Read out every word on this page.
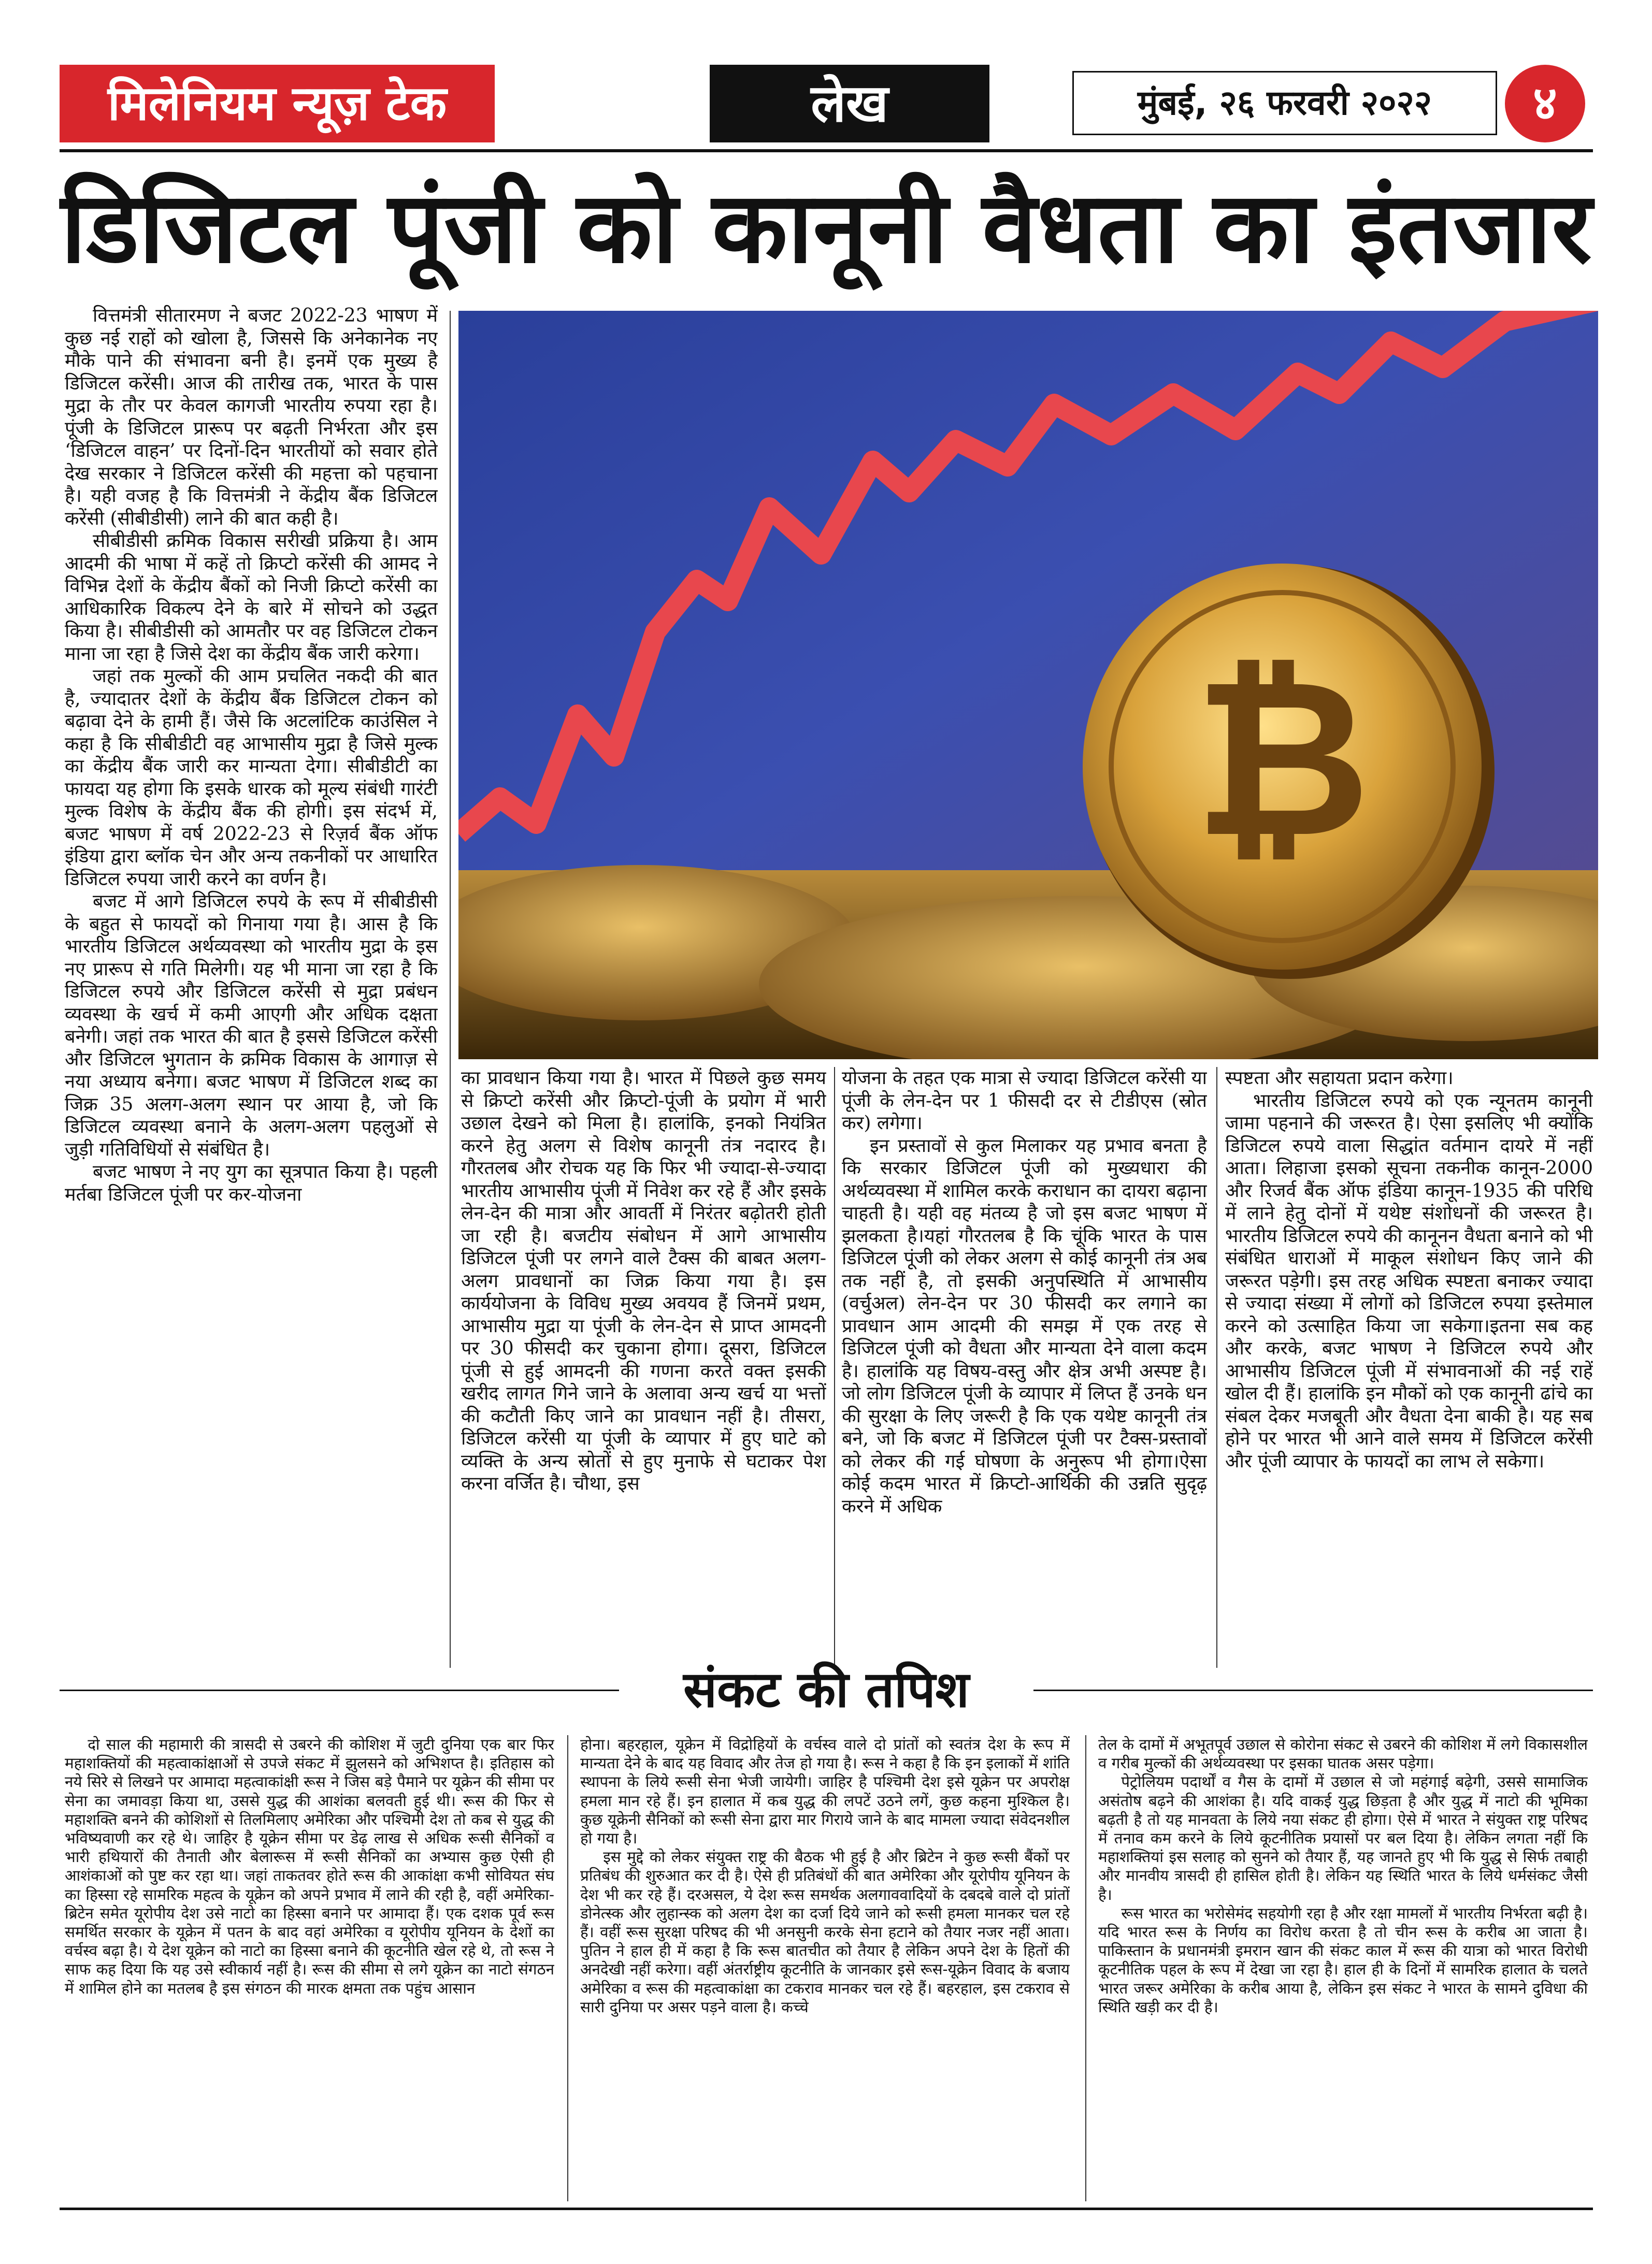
मिलेनियम न्यूज़ टेक	लेख	मुंबई, २६ फरवरी २०२२	४
डिजिटल पूंजी को कानूनी वैधता का इंतजार
₿

वित्तमंत्री सीतारमण ने बजट 2022-23 भाषण में कुछ नई राहों को खोला है, जिससे कि अनेकानेक नए मौके पाने की संभावना बनी है। इनमें एक मुख्य है डिजिटल करेंसी। आज की तारीख तक, भारत के पास मुद्रा के तौर पर केवल कागजी भारतीय रुपया रहा है। पूंजी के डिजिटल प्रारूप पर बढ़ती निर्भरता और इस ‘डिजिटल वाहन’ पर दिनों-दिन भारतीयों को सवार होते देख सरकार ने डिजिटल करेंसी की महत्ता को पहचाना है। यही वजह है कि वित्तमंत्री ने केंद्रीय बैंक डिजिटल करेंसी (सीबीडीसी) लाने की बात कही है।

सीबीडीसी क्रमिक विकास सरीखी प्रक्रिया है। आम आदमी की भाषा में कहें तो क्रिप्टो करेंसी की आमद ने विभिन्न देशों के केंद्रीय बैंकों को निजी क्रिप्टो करेंसी का आधिकारिक विकल्प देने के बारे में सोचने को उद्धत किया है। सीबीडीसी को आमतौर पर वह डिजिटल टोकन माना जा रहा है जिसे देश का केंद्रीय बैंक जारी करेगा।

जहां तक मुल्कों की आम प्रचलित नकदी की बात है, ज्यादातर देशों के केंद्रीय बैंक डिजिटल टोकन को बढ़ावा देने के हामी हैं। जैसे कि अटलांटिक काउंसिल ने कहा है कि सीबीडीटी वह आभासीय मुद्रा है जिसे मुल्क का केंद्रीय बैंक जारी कर मान्यता देगा। सीबीडीटी का फायदा यह होगा कि इसके धारक को मूल्य संबंधी गारंटी मुल्क विशेष के केंद्रीय बैंक की होगी। इस संदर्भ में, बजट भाषण में वर्ष 2022-23 से रिज़र्व बैंक ऑफ इंडिया द्वारा ब्लॉक चेन और अन्य तकनीकों पर आधारित डिजिटल रुपया जारी करने का वर्णन है।

बजट में आगे डिजिटल रुपये के रूप में सीबीडीसी के बहुत से फायदों को गिनाया गया है। आस है कि भारतीय डिजिटल अर्थव्यवस्था को भारतीय मुद्रा के इस नए प्रारूप से गति मिलेगी। यह भी माना जा रहा है कि डिजिटल रुपये और डिजिटल करेंसी से मुद्रा प्रबंधन व्यवस्था के खर्च में कमी आएगी और अधिक दक्षता बनेगी। जहां तक भारत की बात है इससे डिजिटल करेंसी और डिजिटल भुगतान के क्रमिक विकास के आगाज़ से नया अध्याय बनेगा। बजट भाषण में डिजिटल शब्द का जिक्र 35 अलग-अलग स्थान पर आया है, जो कि डिजिटल व्यवस्था बनाने के अलग-अलग पहलुओं से जुड़ी गतिविधियों से संबंधित है।

बजट भाषण ने नए युग का सूत्रपात किया है। पहली मर्तबा डिजिटल पूंजी पर कर-योजना

का प्रावधान किया गया है। भारत में पिछले कुछ समय से क्रिप्टो करेंसी और क्रिप्टो-पूंजी के प्रयोग में भारी उछाल देखने को मिला है। हालांकि, इनको नियंत्रित करने हेतु अलग से विशेष कानूनी तंत्र नदारद है। गौरतलब और रोचक यह कि फिर भी ज्यादा-से-ज्यादा भारतीय आभासीय पूंजी में निवेश कर रहे हैं और इसके लेन-देन की मात्रा और आवर्ती में निरंतर बढ़ोतरी होती जा रही है। बजटीय संबोधन में आगे आभासीय डिजिटल पूंजी पर लगने वाले टैक्स की बाबत अलग-अलग प्रावधानों का जिक्र किया गया है। इस कार्ययोजना के विविध मुख्य अवयव हैं जिनमें प्रथम, आभासीय मुद्रा या पूंजी के लेन-देन से प्राप्त आमदनी पर 30 फीसदी कर चुकाना होगा। दूसरा, डिजिटल पूंजी से हुई आमदनी की गणना करते वक्त इसकी खरीद लागत गिने जाने के अलावा अन्य खर्च या भत्तों की कटौती किए जाने का प्रावधान नहीं है। तीसरा, डिजिटल करेंसी या पूंजी के व्यापार में हुए घाटे को व्यक्ति के अन्य स्रोतों से हुए मुनाफे से घटाकर पेश करना वर्जित है। चौथा, इस

योजना के तहत एक मात्रा से ज्यादा डिजिटल करेंसी या पूंजी के लेन-देन पर 1 फीसदी दर से टीडीएस (स्रोत कर) लगेगा।

इन प्रस्तावों से कुल मिलाकर यह प्रभाव बनता है कि सरकार डिजिटल पूंजी को मुख्यधारा की अर्थव्यवस्था में शामिल करके कराधान का दायरा बढ़ाना चाहती है। यही वह मंतव्य है जो इस बजट भाषण में झलकता है।यहां गौरतलब है कि चूंकि भारत के पास डिजिटल पूंजी को लेकर अलग से कोई कानूनी तंत्र अब तक नहीं है, तो इसकी अनुपस्थिति में आभासीय (वर्चुअल) लेन-देन पर 30 फीसदी कर लगाने का प्रावधान आम आदमी की समझ में एक तरह से डिजिटल पूंजी को वैधता और मान्यता देने वाला कदम है। हालांकि यह विषय-वस्तु और क्षेत्र अभी अस्पष्ट है। जो लोग डिजिटल पूंजी के व्यापार में लिप्त हैं उनके धन की सुरक्षा के लिए जरूरी है कि एक यथेष्ट कानूनी तंत्र बने, जो कि बजट में डिजिटल पूंजी पर टैक्स-प्रस्तावों को लेकर की गई घोषणा के अनुरूप भी होगा।ऐसा कोई कदम भारत में क्रिप्टो-आर्थिकी की उन्नति सुदृढ़ करने में अधिक

स्पष्टता और सहायता प्रदान करेगा।

भारतीय डिजिटल रुपये को एक न्यूनतम कानूनी जामा पहनाने की जरूरत है। ऐसा इसलिए भी क्योंकि डिजिटल रुपये वाला सिद्धांत वर्तमान दायरे में नहीं आता। लिहाजा इसको सूचना तकनीक कानून-2000 और रिजर्व बैंक ऑफ इंडिया कानून-1935 की परिधि में लाने हेतु दोनों में यथेष्ट संशोधनों की जरूरत है। भारतीय डिजिटल रुपये की कानूनन वैधता बनाने को भी संबंधित धाराओं में माकूल संशोधन किए जाने की जरूरत पड़ेगी। इस तरह अधिक स्पष्टता बनाकर ज्यादा से ज्यादा संख्या में लोगों को डिजिटल रुपया इस्तेमाल करने को उत्साहित किया जा सकेगा।इतना सब कह और करके, बजट भाषण ने डिजिटल रुपये और आभासीय डिजिटल पूंजी में संभावनाओं की नई राहें खोल दी हैं। हालांकि इन मौकों को एक कानूनी ढांचे का संबल देकर मजबूती और वैधता देना बाकी है। यह सब होने पर भारत भी आने वाले समय में डिजिटल करेंसी और पूंजी व्यापार के फायदों का लाभ ले सकेगा।

संकट की तपिश

दो साल की महामारी की त्रासदी से उबरने की कोशिश में जुटी दुनिया एक बार फिर महाशक्तियों की महत्वाकांक्षाओं से उपजे संकट में झुलसने को अभिशप्त है। इतिहास को नये सिरे से लिखने पर आमादा महत्वाकांक्षी रूस ने जिस बड़े पैमाने पर यूक्रेन की सीमा पर सेना का जमावड़ा किया था, उससे युद्ध की आशंका बलवती हुई थी। रूस की फिर से महाशक्ति बनने की कोशिशों से तिलमिलाए अमेरिका और पश्चिमी देश तो कब से युद्ध की भविष्यवाणी कर रहे थे। जाहिर है यूक्रेन सीमा पर डेढ़ लाख से अधिक रूसी सैनिकों व भारी हथियारों की तैनाती और बेलारूस में रूसी सैनिकों का अभ्यास कुछ ऐसी ही आशंकाओं को पुष्ट कर रहा था। जहां ताकतवर होते रूस की आकांक्षा कभी सोवियत संघ का हिस्सा रहे सामरिक महत्व के यूक्रेन को अपने प्रभाव में लाने की रही है, वहीं अमेरिका-ब्रिटेन समेत यूरोपीय देश उसे नाटो का हिस्सा बनाने पर आमादा हैं। एक दशक पूर्व रूस समर्थित सरकार के यूक्रेन में पतन के बाद वहां अमेरिका व यूरोपीय यूनियन के देशों का वर्चस्व बढ़ा है। ये देश यूक्रेन को नाटो का हिस्सा बनाने की कूटनीति खेल रहे थे, तो रूस ने साफ कह दिया कि यह उसे स्वीकार्य नहीं है। रूस की सीमा से लगे यूक्रेन का नाटो संगठन में शामिल होने का मतलब है इस संगठन की मारक क्षमता तक पहुंच आसान

होना। बहरहाल, यूक्रेन में विद्रोहियों के वर्चस्व वाले दो प्रांतों को स्वतंत्र देश के रूप में मान्यता देने के बाद यह विवाद और तेज हो गया है। रूस ने कहा है कि इन इलाकों में शांति स्थापना के लिये रूसी सेना भेजी जायेगी। जाहिर है पश्चिमी देश इसे यूक्रेन पर अपरोक्ष हमला मान रहे हैं। इन हालात में कब युद्ध की लपटें उठने लगें, कुछ कहना मुश्किल है। कुछ यूक्रेनी सैनिकों को रूसी सेना द्वारा मार गिराये जाने के बाद मामला ज्यादा संवेदनशील हो गया है।

इस मुद्दे को लेकर संयुक्त राष्ट्र की बैठक भी हुई है और ब्रिटेन ने कुछ रूसी बैंकों पर प्रतिबंध की शुरुआत कर दी है। ऐसे ही प्रतिबंधों की बात अमेरिका और यूरोपीय यूनियन के देश भी कर रहे हैं। दरअसल, ये देश रूस समर्थक अलगाववादियों के दबदबे वाले दो प्रांतों डोनेत्स्क और लुहान्स्क को अलग देश का दर्जा दिये जाने को रूसी हमला मानकर चल रहे हैं। वहीं रूस सुरक्षा परिषद की भी अनसुनी करके सेना हटाने को तैयार नजर नहीं आता। पुतिन ने हाल ही में कहा है कि रूस बातचीत को तैयार है लेकिन अपने देश के हितों की अनदेखी नहीं करेगा। वहीं अंतर्राष्ट्रीय कूटनीति के जानकार इसे रूस-यूक्रेन विवाद के बजाय अमेरिका व रूस की महत्वाकांक्षा का टकराव मानकर चल रहे हैं। बहरहाल, इस टकराव से सारी दुनिया पर असर पड़ने वाला है। कच्चे

तेल के दामों में अभूतपूर्व उछाल से कोरोना संकट से उबरने की कोशिश में लगे विकासशील व गरीब मुल्कों की अर्थव्यवस्था पर इसका घातक असर पड़ेगा।

पेट्रोलियम पदार्थों व गैस के दामों में उछाल से जो महंगाई बढ़ेगी, उससे सामाजिक असंतोष बढ़ने की आशंका है। यदि वाकई युद्ध छिड़ता है और युद्ध में नाटो की भूमिका बढ़ती है तो यह मानवता के लिये नया संकट ही होगा। ऐसे में भारत ने संयुक्त राष्ट्र परिषद में तनाव कम करने के लिये कूटनीतिक प्रयासों पर बल दिया है। लेकिन लगता नहीं कि महाशक्तियां इस सलाह को सुनने को तैयार हैं, यह जानते हुए भी कि युद्ध से सिर्फ तबाही और मानवीय त्रासदी ही हासिल होती है। लेकिन यह स्थिति भारत के लिये धर्मसंकट जैसी है।

रूस भारत का भरोसेमंद सहयोगी रहा है और रक्षा मामलों में भारतीय निर्भरता बढ़ी है। यदि भारत रूस के निर्णय का विरोध करता है तो चीन रूस के करीब आ जाता है। पाकिस्तान के प्रधानमंत्री इमरान खान की संकट काल में रूस की यात्रा को भारत विरोधी कूटनीतिक पहल के रूप में देखा जा रहा है। हाल ही के दिनों में सामरिक हालात के चलते भारत जरूर अमेरिका के करीब आया है, लेकिन इस संकट ने भारत के सामने दुविधा की स्थिति खड़ी कर दी है।
